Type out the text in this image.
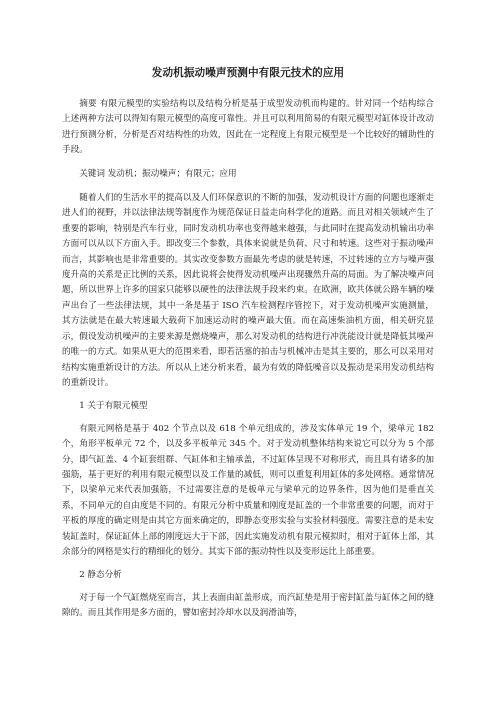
发动机振动噪声预测中有限元技术的应用

摘要 有限元模型的实验结构以及结构分析是基于成型发动机而构建的。针对同一个结构综合上述两种方法可以得知有限元模型的高度可靠性。并且可以利用简易的有限元模型对缸体设计改动进行预测分析，分析是否对结构性的功效，因此在一定程度上有限元模型是一个比较好的辅助性的手段。

关键词 发动机；振动噪声；有限元；应用

随着人们的生活水平的提高以及人们环保意识的不断的加强，发动机设计方面的问题也逐渐走进人们的视野，并以法律法规等制度作为规范保证日益走向科学化的道路。而且对相关领域产生了重要的影响，特别是汽车行业，同时发动机功率也变得越来越强，与此同时在提高发动机输出功率方面可以从以下方面入手。即改变三个参数，具体来说就是负荷、尺寸和转速。这些对于振动噪声而言，其影响也是非常重要的。其实改变参数方面最先考虑的就是转速，不过转速的立方与噪声强度升高的关系是正比例的关系，因此说将会使得发动机噪声出现骤然升高的局面。为了解决噪声问题，所以世界上许多的国家只能够以硬性的法律法规手段来约束。在欧洲，欧共体就公路车辆的噪声出台了一些法律法规，其中一条是基于 ISO 汽车检测程序管控下，对于发动机噪声实施测量，其方法就是在最大转速最大载荷下加速运动时的噪声最大值。而在高速柴油机方面，相关研究显示，假设发动机噪声的主要来源是燃烧噪声，那么对发动机的结构进行冲洗能设计就是降低其噪声的唯一的方式。如果从更大的范围来看，即若活塞的拍击与机械冲击是其主要的，那么可以采用对结构实施重新设计的方法。所以从上述分析来看，最为有效的降低噪音以及振动是采用发动机结构的重新设计。

1 关于有限元模型

有限元网格是基于 402 个节点以及 618 个单元组成的，涉及实体单元 19 个，梁单元 182 个，角形平板单元 72 个，以及多平板单元 345 个。对于发动机整体结构来说它可以分为 5 个部分，即气缸盖、4 个缸套组群、气缸体和主轴承盖，不过缸体呈现不对称形式，而且具有诸多的加强筋，基于更好的利用有限元模型以及工作量的减低，则可以重复利用缸体的多处网格。通常情况下，以梁单元来代表加强筋，不过需要注意的是板单元与梁单元的边界条件，因为他们是垂直关系，不同单元的自由度是不同的。有限元分析中质量和刚度是缸盖的一个非常重要的问题，而对于平板的厚度的确定则是由其它方面来确定的，即静态变形实验与实验材料强度。需要注意的是未安装缸盖时，保证缸体上部的刚度远大于下部，因此实施发动机有限元模拟时，相对于缸体上部，其余部分的网格是实行的精细化的划分。其实下部的振动特性以及变形远比上部重要。

2 静态分析

对于每一个气缸燃烧室而言，其上表面由缸盖形成，而汽缸垫是用于密封缸盖与缸体之间的缝隙的。而且其作用是多方面的，譬如密封冷却水以及润滑油等，
